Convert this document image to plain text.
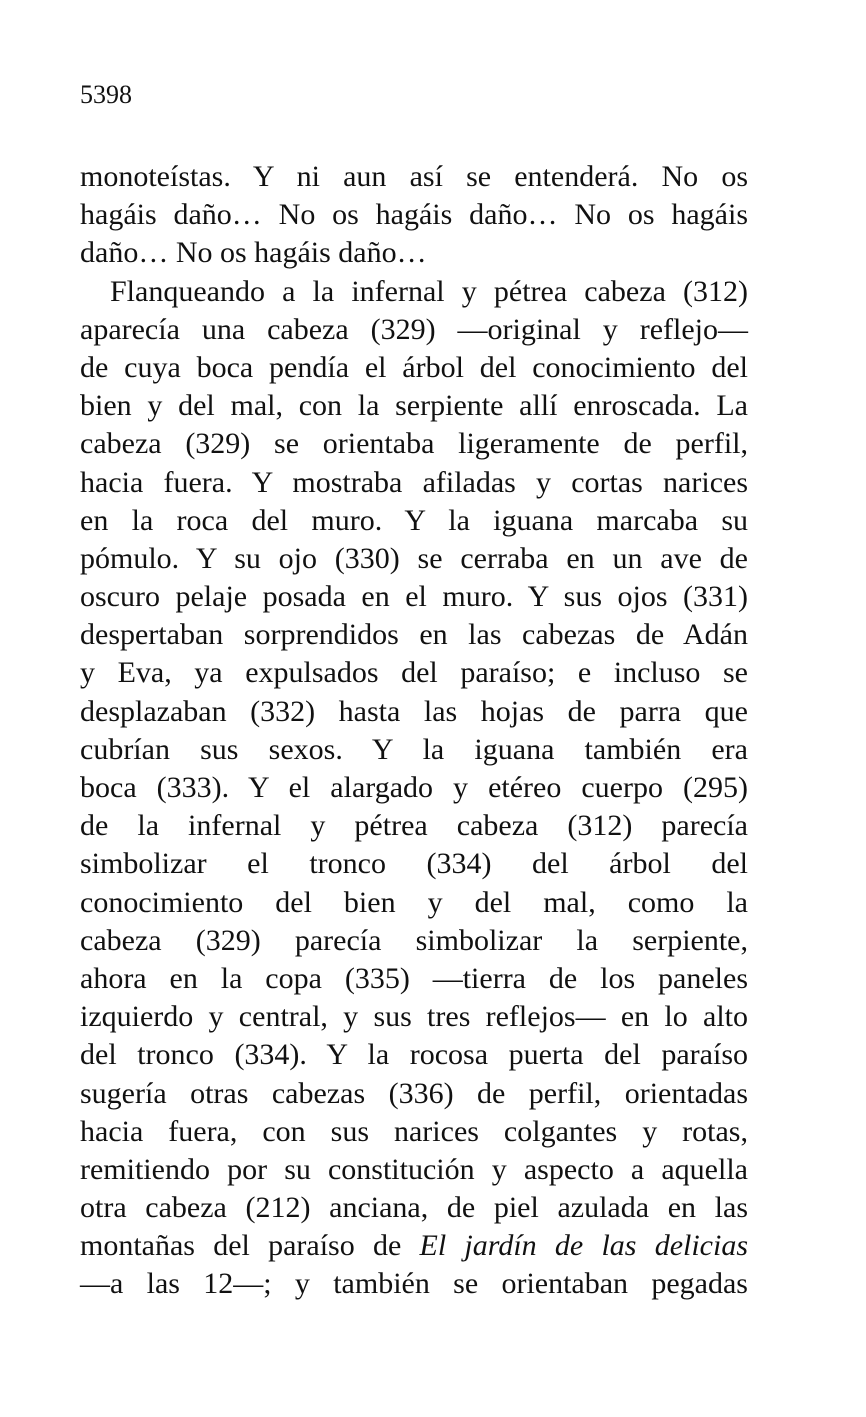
5398
monoteístas. Y ni aun así se entenderá. No os
hagáis daño… No os hagáis daño… No os hagáis
daño… No os hagáis daño…
Flanqueando a la infernal y pétrea cabeza (312)
aparecía una cabeza (329) —original y reflejo—
de cuya boca pendía el árbol del conocimiento del
bien y del mal, con la serpiente allí enroscada. La
cabeza (329) se orientaba ligeramente de perfil,
hacia fuera. Y mostraba afiladas y cortas narices
en la roca del muro. Y la iguana marcaba su
pómulo. Y su ojo (330) se cerraba en un ave de
oscuro pelaje posada en el muro. Y sus ojos (331)
despertaban sorprendidos en las cabezas de Adán
y Eva, ya expulsados del paraíso; e incluso se
desplazaban (332) hasta las hojas de parra que
cubrían sus sexos. Y la iguana también era
boca (333). Y el alargado y etéreo cuerpo (295)
de la infernal y pétrea cabeza (312) parecía
simbolizar el tronco (334) del árbol del
conocimiento del bien y del mal, como la
cabeza (329) parecía simbolizar la serpiente,
ahora en la copa (335) —tierra de los paneles
izquierdo y central, y sus tres reflejos— en lo alto
del tronco (334). Y la rocosa puerta del paraíso
sugería otras cabezas (336) de perfil, orientadas
hacia fuera, con sus narices colgantes y rotas,
remitiendo por su constitución y aspecto a aquella
otra cabeza (212) anciana, de piel azulada en las
montañas del paraíso de El jardín de las delicias
—a las 12—; y también se orientaban pegadas
